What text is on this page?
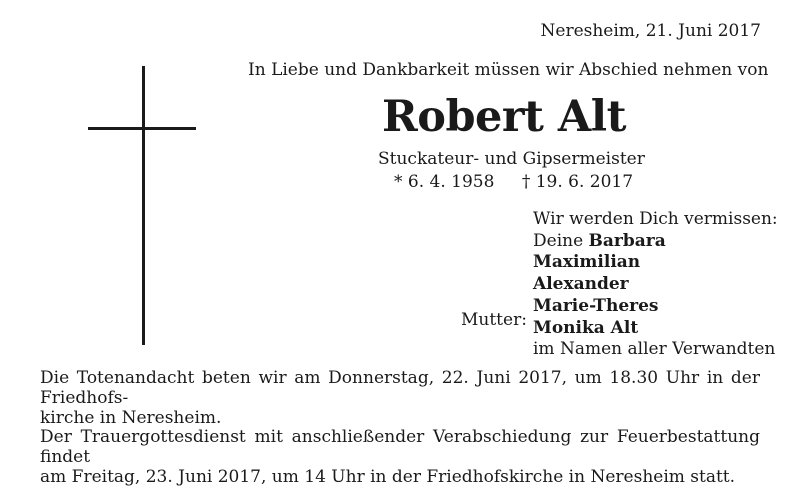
Neresheim, 21. Juni 2017
In Liebe und Dankbarkeit müssen wir Abschied nehmen von
Robert Alt
Stuckateur- und Gipsermeister
* 6. 4. 1958 † 19. 6. 2017
Wir werden Dich vermissen:
Deine Barbara
Maximilian
Alexander
Marie-Theres
Monika Alt
im Namen aller Verwandten
Mutter:

Die Totenandacht beten wir am Donnerstag, 22. Juni 2017, um 18.30 Uhr in der Friedhofs-

kirche in Neresheim.

Der Trauergottesdienst mit anschließender Verabschiedung zur Feuerbestattung findet

am Freitag, 23. Juni 2017, um 14 Uhr in der Friedhofskirche in Neresheim statt.
